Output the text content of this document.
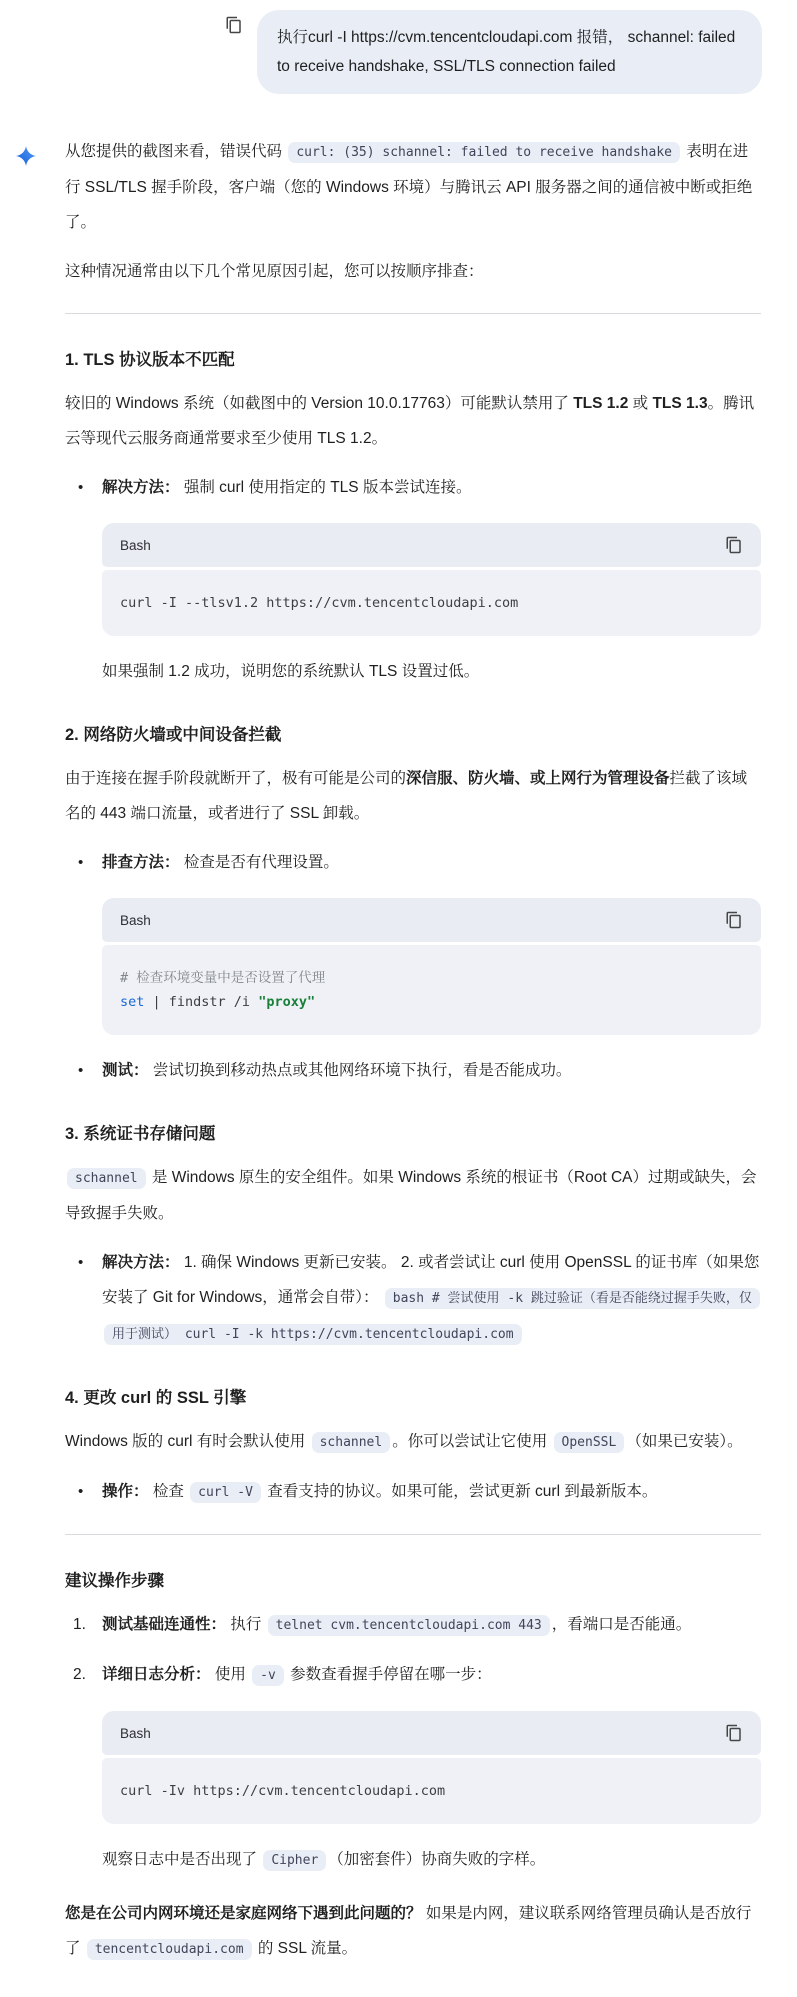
执行curl -I https://cvm.tencentcloudapi.com 报错， schannel: failed to receive handshake, SSL/TLS connection failed

从您提供的截图来看，错误代码 curl: (35) schannel: failed to receive handshake 表明在进行 SSL/TLS 握手阶段，客户端（您的 Windows 环境）与腾讯云 API 服务器之间的通信被中断或拒绝了。

这种情况通常由以下几个常见原因引起，您可以按顺序排查：

1. TLS 协议版本不匹配

较旧的 Windows 系统（如截图中的 Version 10.0.17763）可能默认禁用了 TLS 1.2 或 TLS 1.3。腾讯云等现代云服务商通常要求至少使用 TLS 1.2。

• 解决方法： 强制 curl 使用指定的 TLS 版本尝试连接。
Bash
curl -I --tlsv1.2 https://cvm.tencentcloudapi.com

如果强制 1.2 成功，说明您的系统默认 TLS 设置过低。

2. 网络防火墙或中间设备拦截

由于连接在握手阶段就断开了，极有可能是公司的深信服、防火墙、或上网行为管理设备拦截了该域名的 443 端口流量，或者进行了 SSL 卸载。

• 排查方法： 检查是否有代理设置。
Bash
# 检查环境变量中是否设置了代理
set | findstr /i "proxy"
• 测试： 尝试切换到移动热点或其他网络环境下执行，看是否能成功。
3. 系统证书存储问题

schannel 是 Windows 原生的安全组件。如果 Windows 系统的根证书（Root CA）过期或缺失，会导致握手失败。

• 解决方法： 1. 确保 Windows 更新已安装。 2. 或者尝试让 curl 使用 OpenSSL 的证书库（如果您安装了 Git for Windows，通常会自带）： bash # 尝试使用 -k 跳过验证（看是否能绕过握手失败，仅用于测试） curl -I -k https://cvm.tencentcloudapi.com
4. 更改 curl 的 SSL 引擎

Windows 版的 curl 有时会默认使用 schannel 。你可以尝试让它使用 OpenSSL （如果已安装）。

• 操作： 检查 curl -V 查看支持的协议。如果可能，尝试更新 curl 到最新版本。
建议操作步骤
1. 测试基础连通性： 执行 telnet cvm.tencentcloudapi.com 443 ，看端口是否能通。
2. 详细日志分析： 使用 -v 参数查看握手停留在哪一步：
Bash
curl -Iv https://cvm.tencentcloudapi.com

观察日志中是否出现了 Cipher （加密套件）协商失败的字样。

您是在公司内网环境还是家庭网络下遇到此问题的？ 如果是内网，建议联系网络管理员确认是否放行了 tencentcloudapi.com 的 SSL 流量。
